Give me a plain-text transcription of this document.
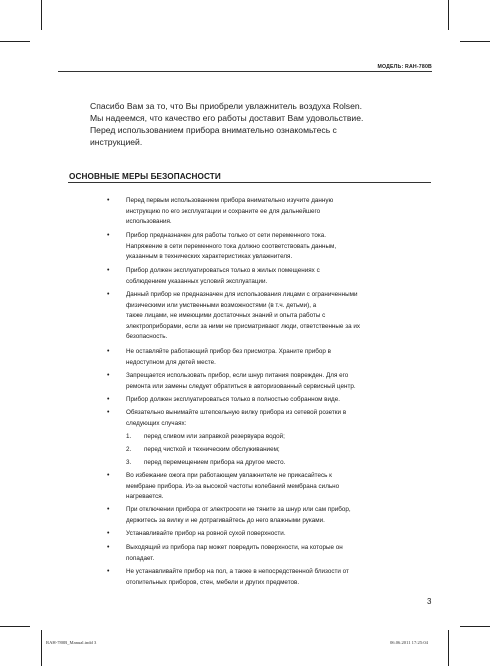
МОДЕЛЬ: RAH-780B
Спасибо Вам за то, что Вы приобрели увлажнитель воздуха Rolsen.
Мы надеемся, что качество его работы доставит Вам удовольствие.
Перед использованием прибора внимательно ознакомьтесь с
инструкцией.
ОСНОВНЫЕ МЕРЫ БЕЗОПАСНОСТИ
•	Перед первым использованием прибора внимательно изучите данную
инструкцию по его эксплуатации и сохраните ее для дальнейшего
использования.
•	Прибор предназначен для работы только от сети переменного тока.
Напряжение в сети переменного тока должно соответствовать данным,
указанным в технических характеристиках увлажнителя.
•	Прибор должен эксплуатироваться только в жилых помещениях с
соблюдением указанных условий эксплуатации.
•	Данный прибор не предназначен для использования лицами с ограниченными
физическими или умственными возможностями (в т.ч. детьми), а
также лицами, не имеющими достаточных знаний и опыта работы с
электроприборами, если за ними не присматривают люди, ответственные за их
безопасность.
•	Не оставляйте работающий прибор без присмотра. Храните прибор в
недоступном для детей месте.
•	Запрещается использовать прибор, если шнур питания поврежден. Для его
ремонта или замены следует обратиться в авторизованный сервисный центр.
•	Прибор должен эксплуатироваться только в полностью собранном виде.
•	Обязательно вынимайте штепсельную вилку прибора из сетевой розетки в
следующих случаях:
1. перед сливом или заправкой резервуара водой;
2. перед чисткой и техническим обслуживанием;
3. перед перемещением прибора на другое место.
•	Во избежание ожога при работающем увлажнителе не прикасайтесь к
мембране прибора. Из-за высокой частоты колебаний мембрана сильно
нагревается.
•	При отключении прибора от электросети не тяните за шнур или сам прибор,
держитесь за вилку и не дотрагивайтесь до него влажными руками.
•	Устанавливайте прибор на ровной сухой поверхности.
•	Выходящий из прибора пар может повредить поверхности, на которые он
попадает.
•	Не устанавливайте прибор на пол, а также в непосредственной близости от
отопительных приборов, стен, мебели и других предметов.
3
RAH-780B_Manual.indd 3	06.06.2011 17:25:04
